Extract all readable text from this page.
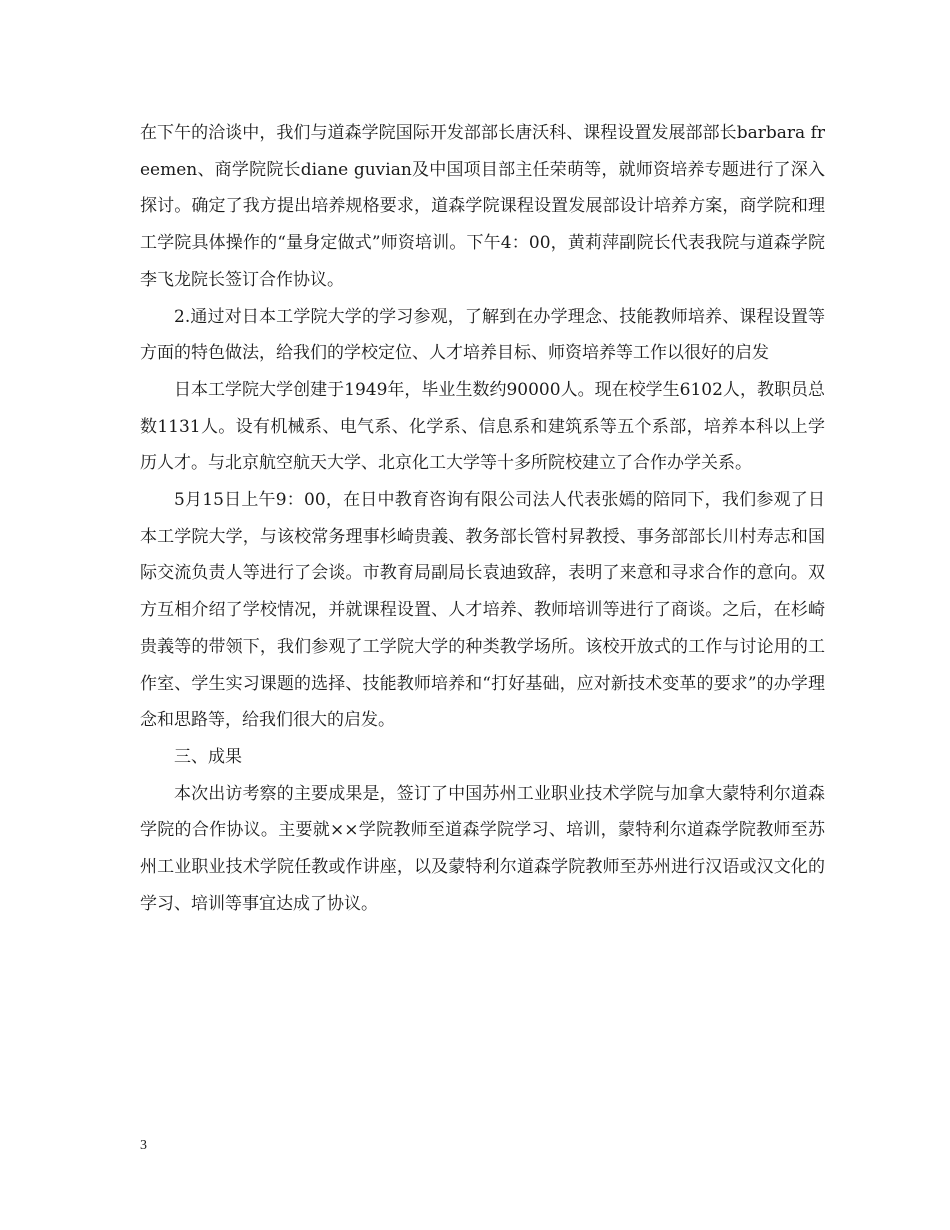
在下午的洽谈中，我们与道森学院国际开发部部长唐沃科、课程设置发展部部长barbara freemen、商学院院长diane guvian及中国项目部主任荣萌等，就师资培养专题进行了深入探讨。确定了我方提出培养规格要求，道森学院课程设置发展部设计培养方案，商学院和理工学院具体操作的“量身定做式”师资培训。下午4：00，黄莉萍副院长代表我院与道森学院李飞龙院长签订合作协议。

2.通过对日本工学院大学的学习参观，了解到在办学理念、技能教师培养、课程设置等方面的特色做法，给我们的学校定位、人才培养目标、师资培养等工作以很好的启发

日本工学院大学创建于1949年，毕业生数约90000人。现在校学生6102人，教职员总数1131人。设有机械系、电气系、化学系、信息系和建筑系等五个系部，培养本科以上学历人才。与北京航空航天大学、北京化工大学等十多所院校建立了合作办学关系。

5月15日上午9：00，在日中教育咨询有限公司法人代表张嫣的陪同下，我们参观了日本工学院大学，与该校常务理事杉崎贵義、教务部长管村昇教授、事务部部长川村寿志和国际交流负责人等进行了会谈。市教育局副局长袁迪致辞，表明了来意和寻求合作的意向。双方互相介绍了学校情况，并就课程设置、人才培养、教师培训等进行了商谈。之后，在杉崎贵義等的带领下，我们参观了工学院大学的种类教学场所。该校开放式的工作与讨论用的工作室、学生实习课题的选择、技能教师培养和“打好基础，应对新技术变革的要求”的办学理念和思路等，给我们很大的启发。

三、成果

本次出访考察的主要成果是，签订了中国苏州工业职业技术学院与加拿大蒙特利尔道森学院的合作协议。主要就××学院教师至道森学院学习、培训，蒙特利尔道森学院教师至苏州工业职业技术学院任教或作讲座，以及蒙特利尔道森学院教师至苏州进行汉语或汉文化的学习、培训等事宜达成了协议。

3
